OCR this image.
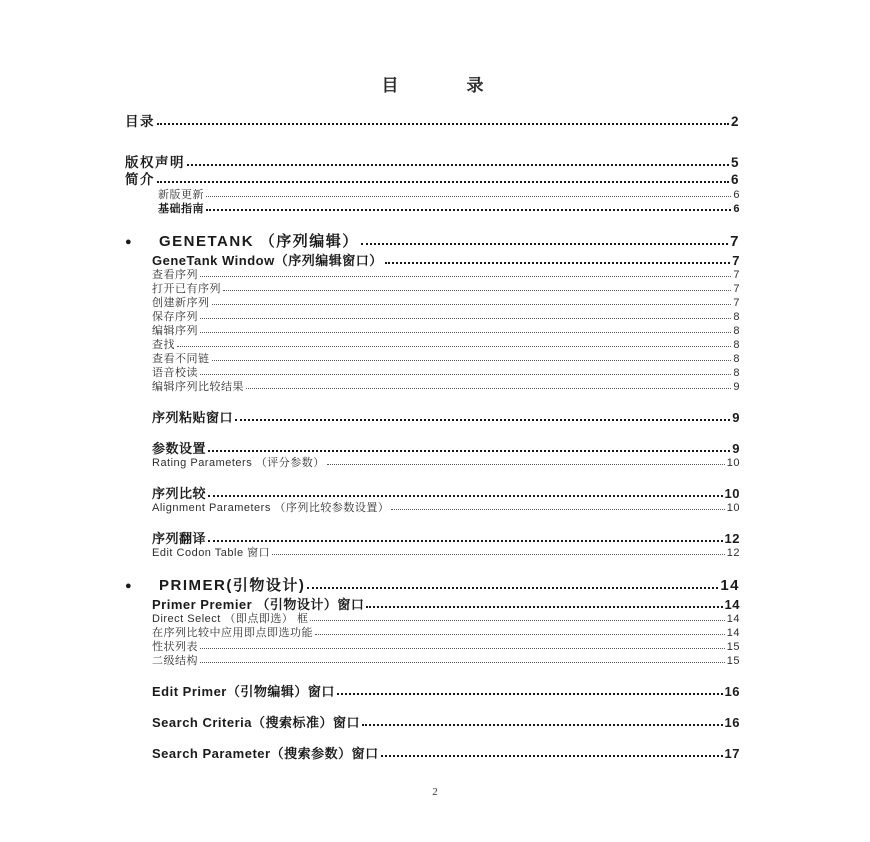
目　　　　录
目录	2
版权声明	5
简介	6
新版更新	6
基础指南	6
●	GENETANK （序列编辑）	7
GeneTank Window（序列编辑窗口）	7
查看序列	7
打开已有序列	7
创建新序列	7
保存序列	8
编辑序列	8
查找	8
查看不同链	8
语音校读	8
编辑序列比较结果	9
序列粘贴窗口	9
参数设置	9
Rating Parameters （评分参数）	10
序列比较	10
Alignment Parameters （序列比较参数设置）	10
序列翻译	12
Edit Codon Table 窗口	12
●	PRIMER(引物设计)	14
Primer Premier （引物设计）窗口	14
Direct Select （即点即选） 框	14
在序列比较中应用即点即选功能	14
性状列表	15
二级结构	15
Edit Primer（引物编辑）窗口	16
Search Criteria（搜索标准）窗口	16
Search Parameter（搜索参数）窗口	17
2
